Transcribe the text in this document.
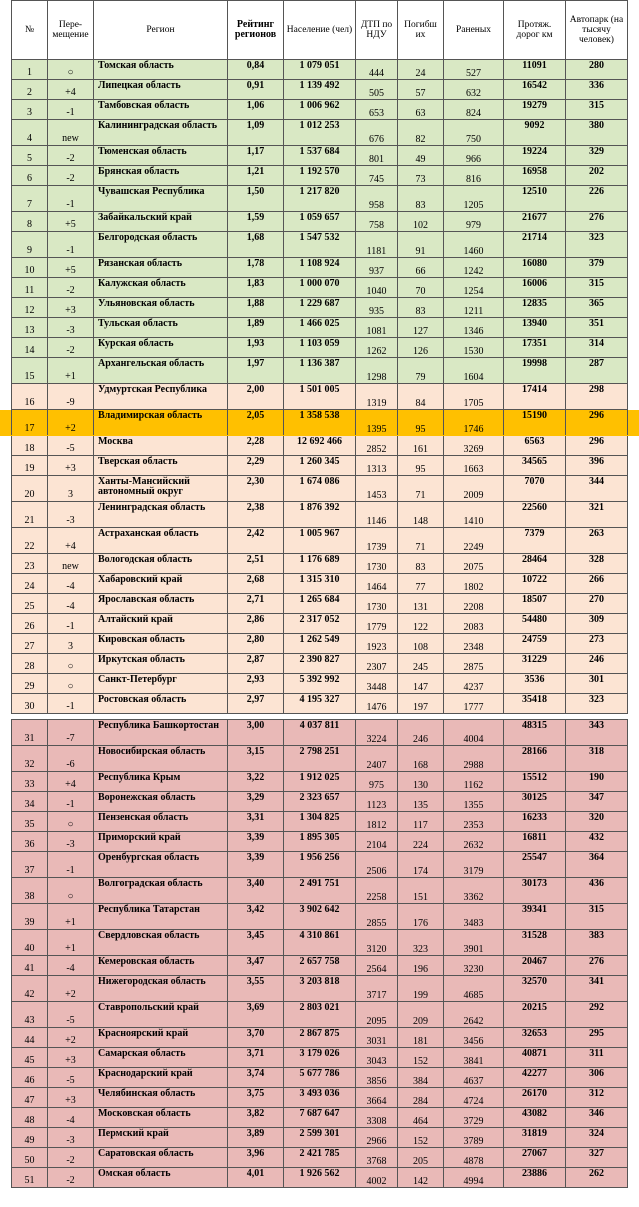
№	Пере-мещение	Регион	Рейтинг регионов	Население (чел)	ДТП по НДУ	Погибш их	Раненых	Протяж. дорог км	Автопарк (на тысячу человек)
1	○	Томская область	0,84	1 079 051	444	24	527	11091	280
2	+4	Липецкая область	0,91	1 139 492	505	57	632	16542	336
3	-1	Тамбовская область	1,06	1 006 962	653	63	824	19279	315
4	new	Калининградская область	1,09	1 012 253	676	82	750	9092	380
5	-2	Тюменская область	1,17	1 537 684	801	49	966	19224	329
6	-2	Брянская область	1,21	1 192 570	745	73	816	16958	202
7	-1	Чувашская Республика	1,50	1 217 820	958	83	1205	12510	226
8	+5	Забайкальский край	1,59	1 059 657	758	102	979	21677	276
9	-1	Белгородская область	1,68	1 547 532	1181	91	1460	21714	323
10	+5	Рязанская область	1,78	1 108 924	937	66	1242	16080	379
11	-2	Калужская область	1,83	1 000 070	1040	70	1254	16006	315
12	+3	Ульяновская область	1,88	1 229 687	935	83	1211	12835	365
13	-3	Тульская область	1,89	1 466 025	1081	127	1346	13940	351
14	-2	Курская область	1,93	1 103 059	1262	126	1530	17351	314
15	+1	Архангельская область	1,97	1 136 387	1298	79	1604	19998	287
16	-9	Удмуртская Республика	2,00	1 501 005	1319	84	1705	17414	298
17	+2	Владимирская область	2,05	1 358 538	1395	95	1746	15190	296
18	-5	Москва	2,28	12 692 466	2852	161	3269	6563	296
19	+3	Тверская область	2,29	1 260 345	1313	95	1663	34565	396
20	3	Ханты-Мансийский автономный округ	2,30	1 674 086	1453	71	2009	7070	344
21	-3	Ленинградская область	2,38	1 876 392	1146	148	1410	22560	321
22	+4	Астраханская область	2,42	1 005 967	1739	71	2249	7379	263
23	new	Вологодская область	2,51	1 176 689	1730	83	2075	28464	328
24	-4	Хабаровский край	2,68	1 315 310	1464	77	1802	10722	266
25	-4	Ярославская область	2,71	1 265 684	1730	131	2208	18507	270
26	-1	Алтайский край	2,86	2 317 052	1779	122	2083	54480	309
27	3	Кировская область	2,80	1 262 549	1923	108	2348	24759	273
28	○	Иркутская область	2,87	2 390 827	2307	245	2875	31229	246
29	○	Санкт-Петербург	2,93	5 392 992	3448	147	4237	3536	301
30	-1	Ростовская область	2,97	4 195 327	1476	197	1777	35418	323

31	-7	Республика Башкортостан	3,00	4 037 811	3224	246	4004	48315	343
32	-6	Новосибирская область	3,15	2 798 251	2407	168	2988	28166	318
33	+4	Республика Крым	3,22	1 912 025	975	130	1162	15512	190
34	-1	Воронежская область	3,29	2 323 657	1123	135	1355	30125	347
35	○	Пензенская область	3,31	1 304 825	1812	117	2353	16233	320
36	-3	Приморский край	3,39	1 895 305	2104	224	2632	16811	432
37	-1	Оренбургская область	3,39	1 956 256	2506	174	3179	25547	364
38	○	Волгоградская область	3,40	2 491 751	2258	151	3362	30173	436
39	+1	Республика Татарстан	3,42	3 902 642	2855	176	3483	39341	315
40	+1	Свердловская область	3,45	4 310 861	3120	323	3901	31528	383
41	-4	Кемеровская область	3,47	2 657 758	2564	196	3230	20467	276
42	+2	Нижегородская область	3,55	3 203 818	3717	199	4685	32570	341
43	-5	Ставропольский край	3,69	2 803 021	2095	209	2642	20215	292
44	+2	Красноярский край	3,70	2 867 875	3031	181	3456	32653	295
45	+3	Самарская область	3,71	3 179 026	3043	152	3841	40871	311
46	-5	Краснодарский край	3,74	5 677 786	3856	384	4637	42277	306
47	+3	Челябинская область	3,75	3 493 036	3664	284	4724	26170	312
48	-4	Московская область	3,82	7 687 647	3308	464	3729	43082	346
49	-3	Пермский край	3,89	2 599 301	2966	152	3789	31819	324
50	-2	Саратовская область	3,96	2 421 785	3768	205	4878	27067	327
51	-2	Омская область	4,01	1 926 562	4002	142	4994	23886	262
